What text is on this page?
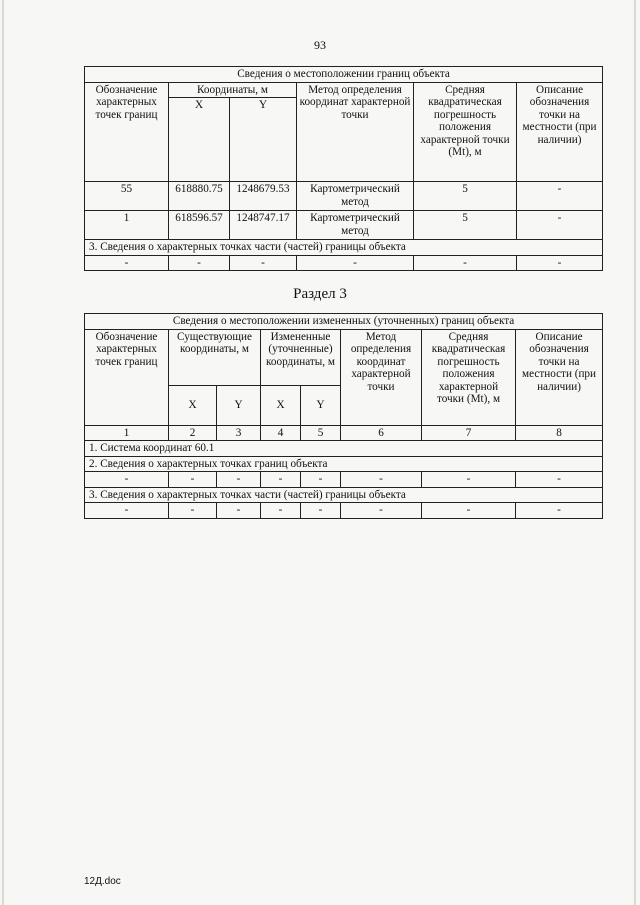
93
Сведения о местоположении границ объекта					
Обозначение характерных точек границ	Координаты, м		Метод определения координат характерной точки	Средняя квадратическая погрешность положения характерной точки (Mt), м	Описание обозначения точки на местности (при наличии)
	X	Y			
55	618880.75	1248679.53	Картометрический метод	5	-
1	618596.57	1248747.17	Картометрический метод	5	-
3. Сведения о характерных точках части (частей) границы объекта					
-	-	-	-	-	-
Раздел 3
Сведения о местоположении измененных (уточненных) границ объекта							
Обозначение характерных точек границ	Существующие координаты, м		Измененные (уточненные) координаты, м		Метод определения координат характерной точки	Средняя квадратическая погрешность положения характерной точки (Mt), м	Описание обозначения точки на местности (при наличии)
	X	Y	X	Y			
1	2	3	4	5	6	7	8
1. Система координат 60.1							
2. Сведения о характерных точках границ объекта							
-	-	-	-	-	-	-	-
3. Сведения о характерных точках части (частей) границы объекта							
-	-	-	-	-	-	-	-
12Д.doc
